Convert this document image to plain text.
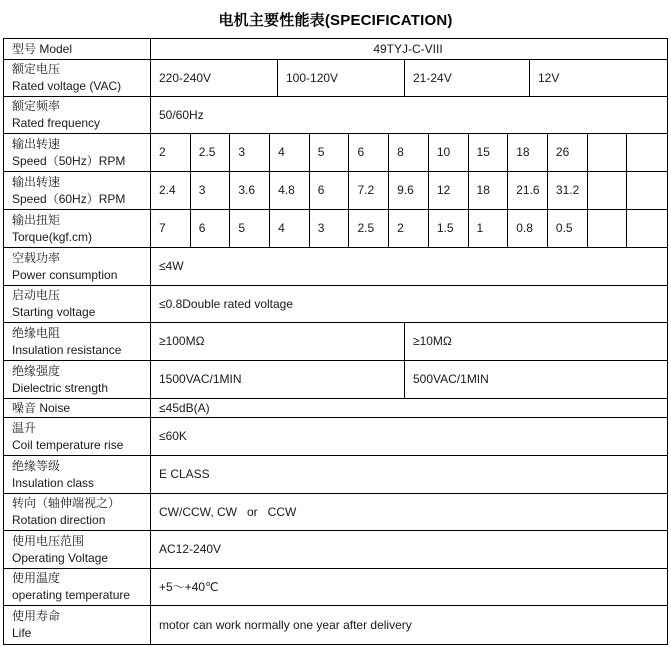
电机主要性能表(SPECIFICATION)
型号 Model	49TYJ-C-VIII
额定电压
Rated voltage (VAC)
220-240V	100-120V	21-24V	12V
额定频率
Rated frequency
50/60Hz
输出转速
Speed（50Hz）RPM
2	2.5	3	4	5	6	8	10	15	18	26
输出转速
Speed（60Hz）RPM
2.4	3	3.6	4.8	6	7.2	9.6	12	18	21.6	31.2
输出扭矩
Torque(kgf.cm)
7	6	5	4	3	2.5	2	1.5	1	0.8	0.5
空载功率
Power consumption
≤4W
启动电压
Starting voltage
≤0.8Double rated voltage
绝缘电阻
Insulation resistance
≥100MΩ	≥10MΩ
绝缘强度
Dielectric strength
1500VAC/1MIN	500VAC/1MIN
噪音 Noise	≤45dB(A)
温升
Coil temperature rise
≤60K
绝缘等级
Insulation class
E CLASS
转向（轴伸端视之）
Rotation direction
CW/CCW, CW   or   CCW
使用电压范围
Operating Voltage
AC12-240V
使用温度
operating temperature
+5～+40℃
使用寿命
Life
motor can work normally one year after delivery
